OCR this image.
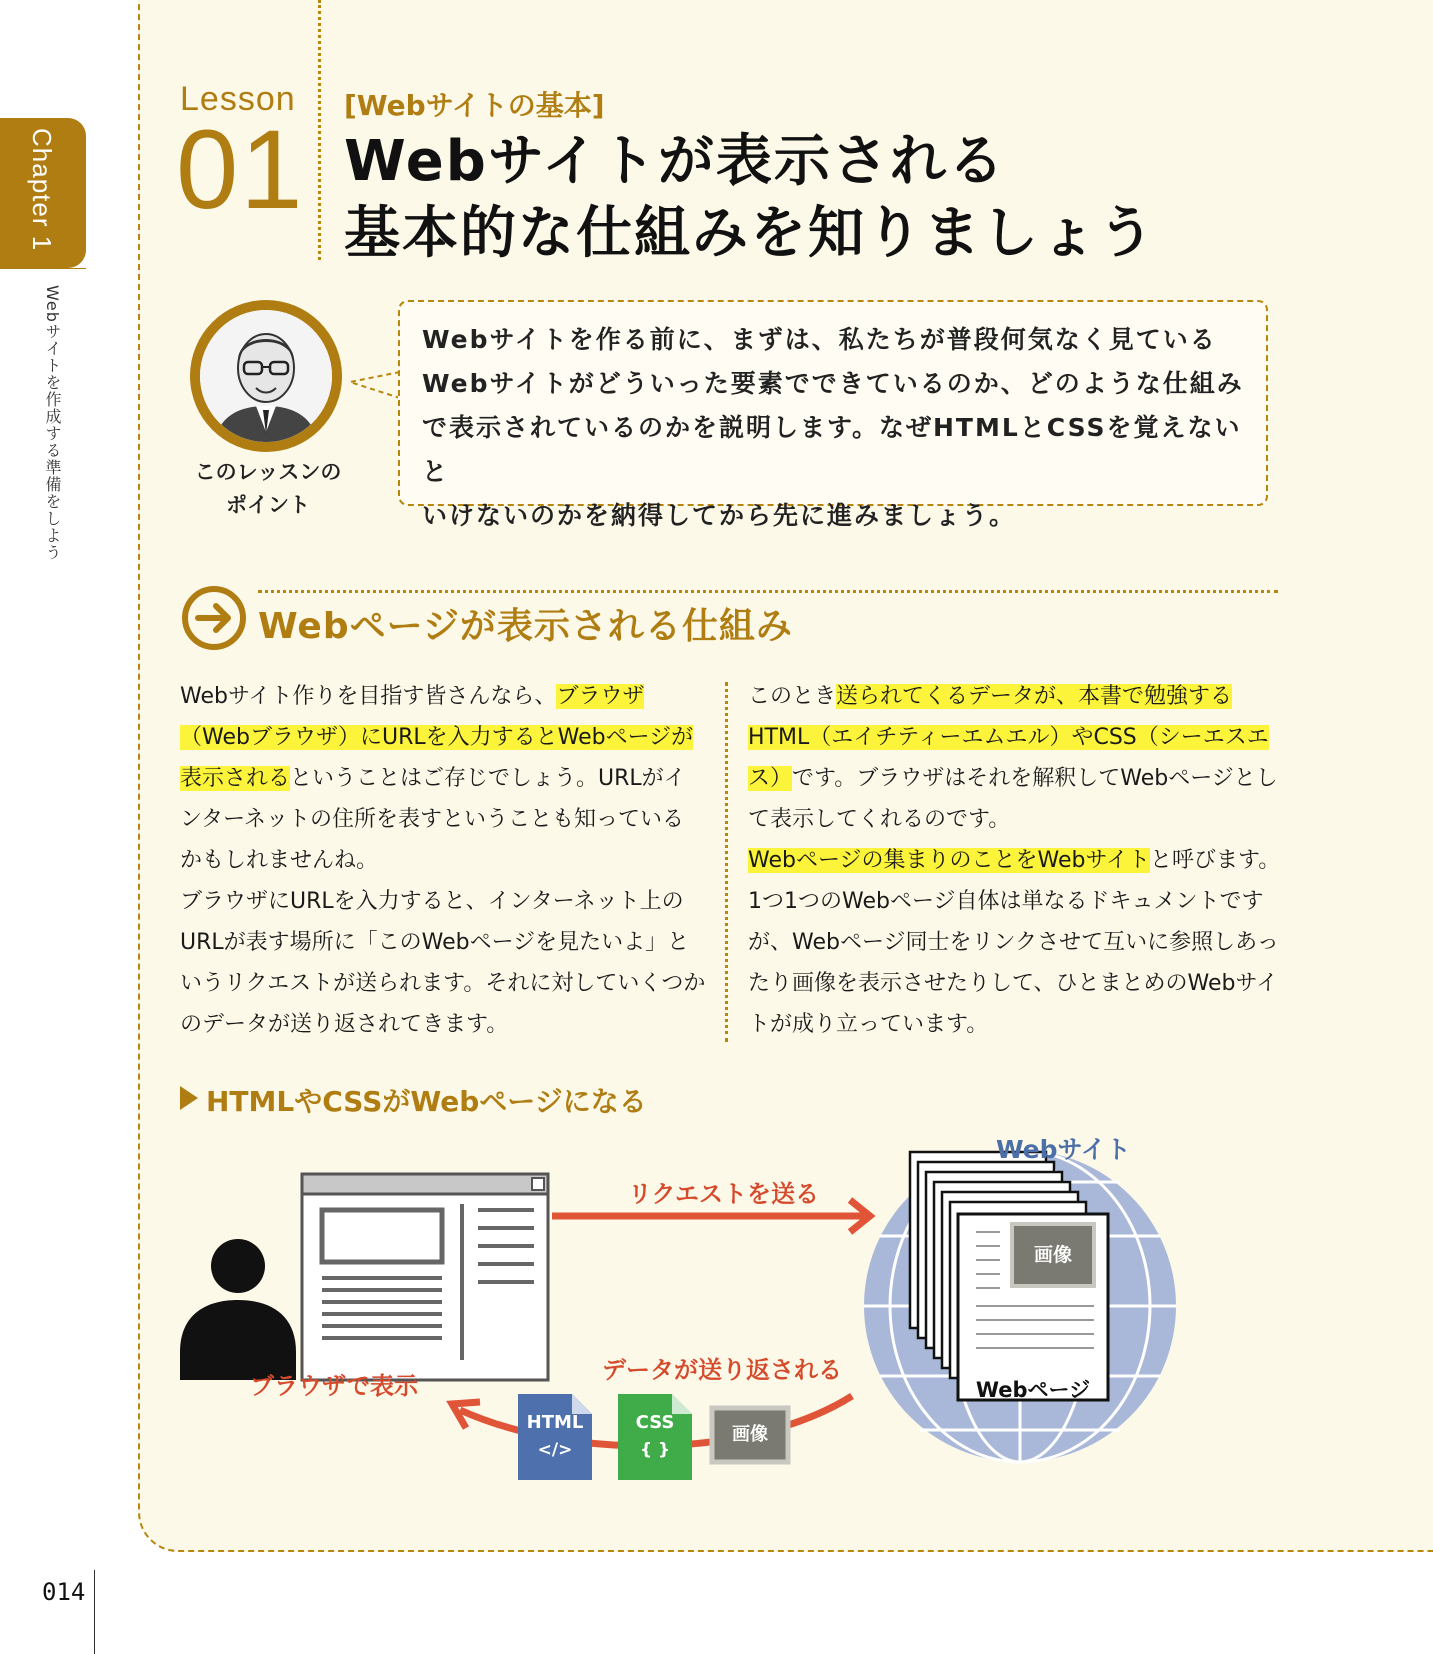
Chapter 1
Webサイトを作成する準備をしよう
014
Lesson
01
[Webサイトの基本]
Webサイトが表示される
基本的な仕組みを知りましょう
このレッスンの
ポイント
Webサイトを作る前に、まずは、私たちが普段何気なく見ている
Webサイトがどういった要素でできているのか、どのような仕組み
で表示されているのかを説明します。なぜHTMLとCSSを覚えないと
いけないのかを納得してから先に進みましょう。
Webページが表示される仕組み
Webサイト作りを目指す皆さんなら、ブラウザ（Webブラウザ）にURLを入力するとWebページが表示されるということはご存じでしょう。URLがインターネットの住所を表すということも知っているかもしれませんね。
ブラウザにURLを入力すると、インターネット上のURLが表す場所に「このWebページを見たいよ」というリクエストが送られます。それに対していくつかのデータが送り返されてきます。
このとき送られてくるデータが、本書で勉強するHTML（エイチティーエムエル）やCSS（シーエスエス）です。ブラウザはそれを解釈してWebページとして表示してくれるのです。
Webページの集まりのことをWebサイトと呼びます。1つ1つのWebページ自体は単なるドキュメントですが、Webページ同士をリンクさせて互いに参照しあったり画像を表示させたりして、ひとまとめのWebサイトが成り立っています。
HTMLやCSSがWebページになる
リクエストを送る
データが送り返される
ブラウザで表示
Webサイト
画像
Webページ
HTML
</>
CSS
{ }
画像
